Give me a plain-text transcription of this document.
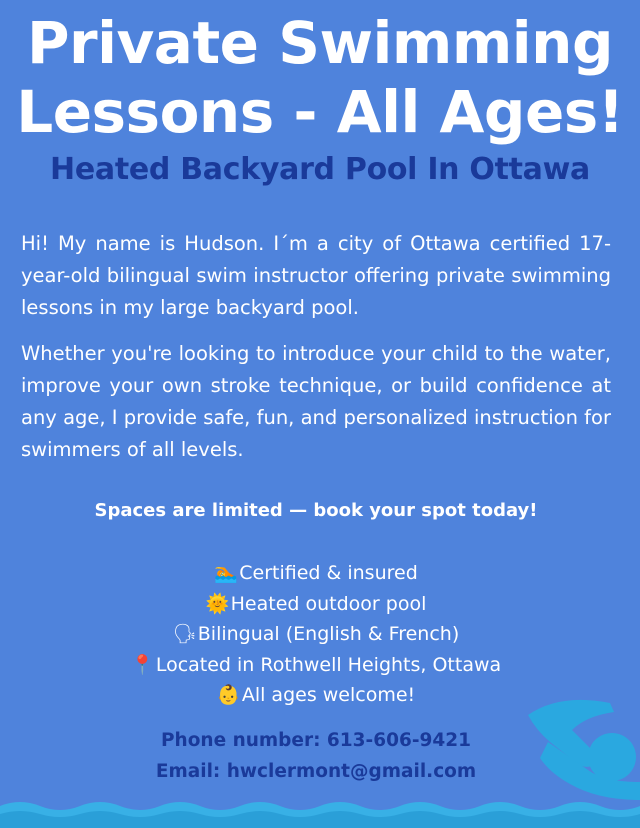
Private Swimming
Lessons - All Ages!
Heated Backyard Pool In Ottawa
Hi! My name is Hudson. I´m a city of Ottawa certified 17-year-old bilingual swim instructor offering private swimming lessons in my large backyard pool.
Whether you're looking to introduce your child to the water, improve your own stroke technique, or build confidence at any age, I provide safe, fun, and personalized instruction for swimmers of all levels.
Spaces are limited — book your spot today!
🏊Certified & insured
🌞Heated outdoor pool
🗣Bilingual (English & French)
📍Located in Rothwell Heights, Ottawa
👶All ages welcome!
Phone number: 613-606-9421
Email: hwclermont@gmail.com
